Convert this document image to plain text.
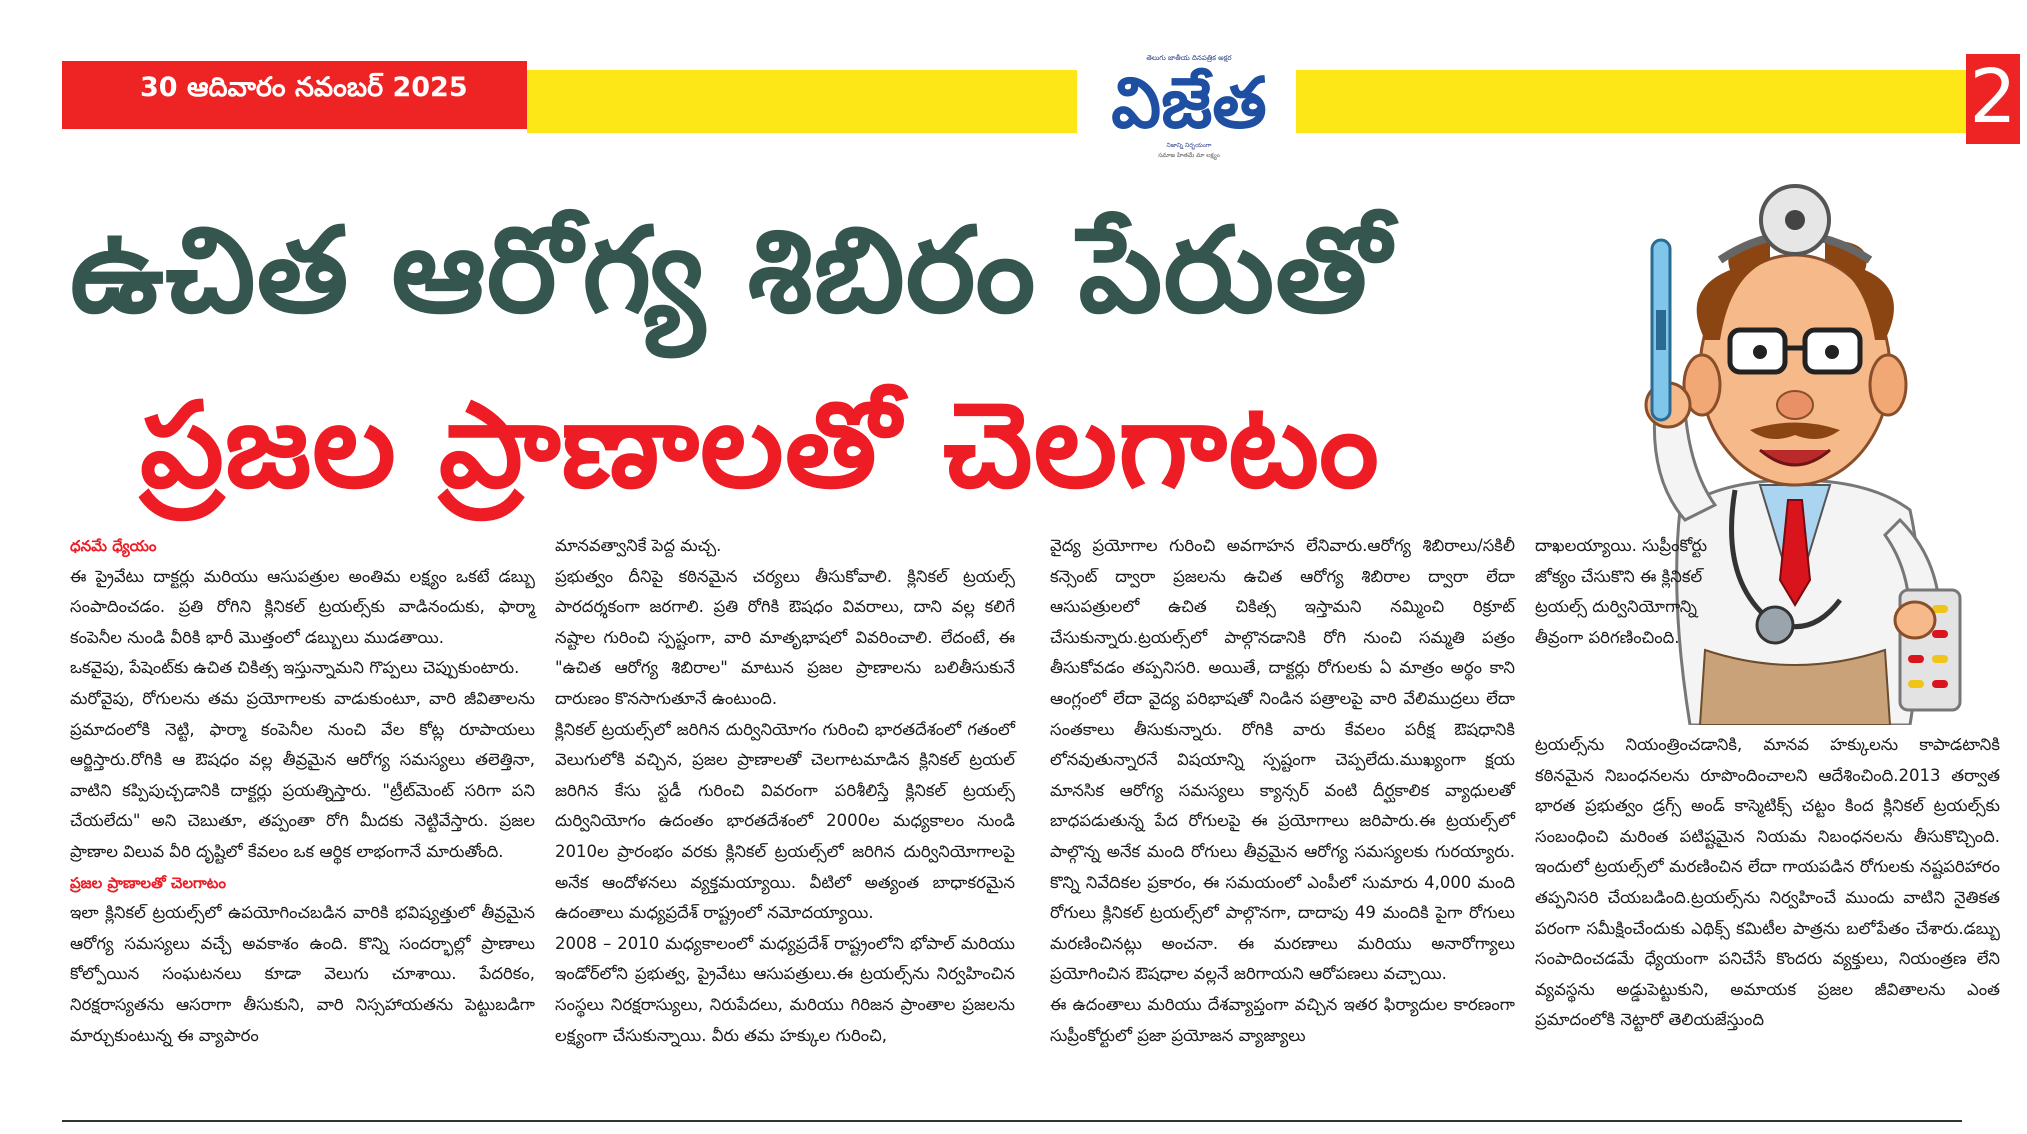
30 ఆదివారం నవంబర్ 2025	2
తెలుగు జాతీయ దినపత్రిక అక్షర
విజేత
నిజాన్ని నిర్భయంగా
సమాజ హితమే మా లక్ష్యం
ఉచిత ఆరోగ్య శిబిరం పేరుతో
ప్రజల ప్రాణాలతో చెలగాటం

ధనమే ధ్యేయం

ఈ ప్రైవేటు దాక్టర్లు మరియు ఆసుపత్రుల అంతిమ లక్ష్యం ఒకటే డబ్బు సంపాదించడం. ప్రతి రోగిని క్లినికల్ ట్రయల్స్‌కు వాడినందుకు, ఫార్మా కంపెనీల నుండి వీరికి భారీ మొత్తంలో డబ్బులు ముడతాయి.

ఒకవైపు, పేషెంట్‌కు ఉచిత చికిత్స ఇస్తున్నామని గొప్పలు చెప్పుకుంటారు.

మరోవైపు, రోగులను తమ ప్రయోగాలకు వాడుకుంటూ, వారి జీవితాలను ప్రమాదంలోకి నెట్టి, ఫార్మా కంపెనీల నుంచి వేల కోట్ల రూపాయలు ఆర్జిస్తారు.రోగికి ఆ ఔషధం వల్ల తీవ్రమైన ఆరోగ్య సమస్యలు తలెత్తినా, వాటిని కప్పిపుచ్చడానికి దాక్టర్లు ప్రయత్నిస్తారు. "ట్రీట్‌మెంట్ సరిగా పని చేయలేదు" అని చెబుతూ, తప్పంతా రోగి మీదకు నెట్టివేస్తారు. ప్రజల ప్రాణాల విలువ వీరి దృష్టిలో కేవలం ఒక ఆర్థిక లాభంగానే మారుతోంది.

ప్రజల ప్రాణాలతో చెలగాటం

ఇలా క్లినికల్ ట్రయల్స్‌లో ఉపయోగించబడిన వారికి భవిష్యత్తులో తీవ్రమైన ఆరోగ్య సమస్యలు వచ్చే అవకాశం ఉంది. కొన్ని సందర్భాల్లో ప్రాణాలు కోల్పోయిన సంఘటనలు కూడా వెలుగు చూశాయి. పేదరికం, నిరక్షరాస్యతను ఆసరాగా తీసుకుని, వారి నిస్సహాయతను పెట్టుబడిగా మార్చుకుంటున్న ఈ వ్యాపారం

మానవత్వానికే పెద్ద మచ్చ.

ప్రభుత్వం దీనిపై కఠినమైన చర్యలు తీసుకోవాలి. క్లినికల్ ట్రయల్స్ పారదర్శకంగా జరగాలి. ప్రతి రోగికి ఔషధం వివరాలు, దాని వల్ల కలిగే నష్టాల గురించి స్పష్టంగా, వారి మాతృభాషలో వివరించాలి. లేదంటే, ఈ "ఉచిత ఆరోగ్య శిబిరాల" మాటున ప్రజల ప్రాణాలను బలితీసుకునే దారుణం కొనసాగుతూనే ఉంటుంది.

క్లినికల్ ట్రయల్స్‌లో జరిగిన దుర్వినియోగం గురించి భారతదేశంలో గతంలో వెలుగులోకి వచ్చిన, ప్రజల ప్రాణాలతో చెలగాటమాడిన క్లినికల్ ట్రయల్ జరిగిన కేసు స్టడీ గురించి వివరంగా పరిశీలిస్తే క్లినికల్ ట్రయల్స్ దుర్వినియోగం ఉదంతం భారతదేశంలో 2000ల మధ్యకాలం నుండి 2010ల ప్రారంభం వరకు క్లినికల్ ట్రయల్స్‌లో జరిగిన దుర్వినియోగాలపై అనేక ఆందోళనలు వ్యక్తమయ్యాయి. వీటిలో అత్యంత బాధాకరమైన ఉదంతాలు మధ్యప్రదేశ్ రాష్ట్రంలో నమోదయ్యాయి.

2008 – 2010 మధ్యకాలంలో మధ్యప్రదేశ్ రాష్ట్రంలోని భోపాల్ మరియు ఇండోర్‌లోని ప్రభుత్వ, ప్రైవేటు ఆసుపత్రులు.ఈ ట్రయల్స్‌ను నిర్వహించిన సంస్థలు నిరక్షరాస్యులు, నిరుపేదలు, మరియు గిరిజన ప్రాంతాల ప్రజలను లక్ష్యంగా చేసుకున్నాయి. వీరు తమ హక్కుల గురించి,

వైద్య ప్రయోగాల గురించి అవగాహన లేనివారు.ఆరోగ్య శిబిరాలు/సకిలీ కన్సెంట్ ద్వారా ప్రజలను ఉచిత ఆరోగ్య శిబిరాల ద్వారా లేదా ఆసుపత్రులలో ఉచిత చికిత్స ఇస్తామని నమ్మించి రిక్రూట్ చేసుకున్నారు.ట్రయల్స్‌లో పాల్గొనడానికి రోగి నుంచి సమ్మతి పత్రం తీసుకోవడం తప్పనిసరి. అయితే, దాక్టర్లు రోగులకు ఏ మాత్రం అర్థం కాని ఆంగ్లంలో లేదా వైద్య పరిభాషతో నిండిన పత్రాలపై వారి వేలిముద్రలు లేదా సంతకాలు తీసుకున్నారు. రోగికి వారు కేవలం పరీక్ష ఔషధానికి లోనవుతున్నారనే విషయాన్ని స్పష్టంగా చెప్పలేదు.ముఖ్యంగా క్షయ మానసిక ఆరోగ్య సమస్యలు క్యాన్సర్ వంటి దీర్ఘకాలిక వ్యాధులతో బాధపడుతున్న పేద రోగులపై ఈ ప్రయోగాలు జరిపారు.ఈ ట్రయల్స్‌లో పాల్గొన్న అనేక మంది రోగులు తీవ్రమైన ఆరోగ్య సమస్యలకు గురయ్యారు. కొన్ని నివేదికల ప్రకారం, ఈ సమయంలో ఎంపీలో సుమారు 4,000 మంది రోగులు క్లినికల్ ట్రయల్స్‌లో పాల్గొనగా, దాదాపు 49 మందికి పైగా రోగులు మరణించినట్లు అంచనా. ఈ మరణాలు మరియు అనారోగ్యాలు ప్రయోగించిన ఔషధాల వల్లనే జరిగాయని ఆరోపణలు వచ్చాయి.

ఈ ఉదంతాలు మరియు దేశవ్యాప్తంగా వచ్చిన ఇతర ఫిర్యాదుల కారణంగా సుప్రీంకోర్టులో ప్రజా ప్రయోజన వ్యాజ్యాలు

దాఖలయ్యాయి. సుప్రీంకోర్టు జోక్యం చేసుకొని ఈ క్లినికల్ ట్రయల్స్ దుర్వినియోగాన్ని తీవ్రంగా పరిగణించింది.
ట్రయల్స్‌ను నియంత్రించడానికి, మానవ హక్కులను కాపాడటానికి కఠినమైన నిబంధనలను రూపొందించాలని ఆదేశించింది.2013 తర్వాత భారత ప్రభుత్వం డ్రగ్స్ అండ్ కాస్మెటిక్స్ చట్టం కింద క్లినికల్ ట్రయల్స్‌కు సంబంధించి మరింత పటిష్టమైన నియమ నిబంధనలను తీసుకొచ్చింది. ఇందులో ట్రయల్స్‌లో మరణించిన లేదా గాయపడిన రోగులకు నష్టపరిహారం తప్పనిసరి చేయబడింది.ట్రయల్స్‌ను నిర్వహించే ముందు వాటిని నైతికత పరంగా సమీక్షించేందుకు ఎథిక్స్ కమిటీల పాత్రను బలోపేతం చేశారు.డబ్బు సంపాదించడమే ధ్యేయంగా పనిచేసే కొందరు వ్యక్తులు, నియంత్రణ లేని వ్యవస్థను అడ్డుపెట్టుకుని, అమాయక ప్రజల జీవితాలను ఎంత ప్రమాదంలోకి నెట్టారో తెలియజేస్తుంది
